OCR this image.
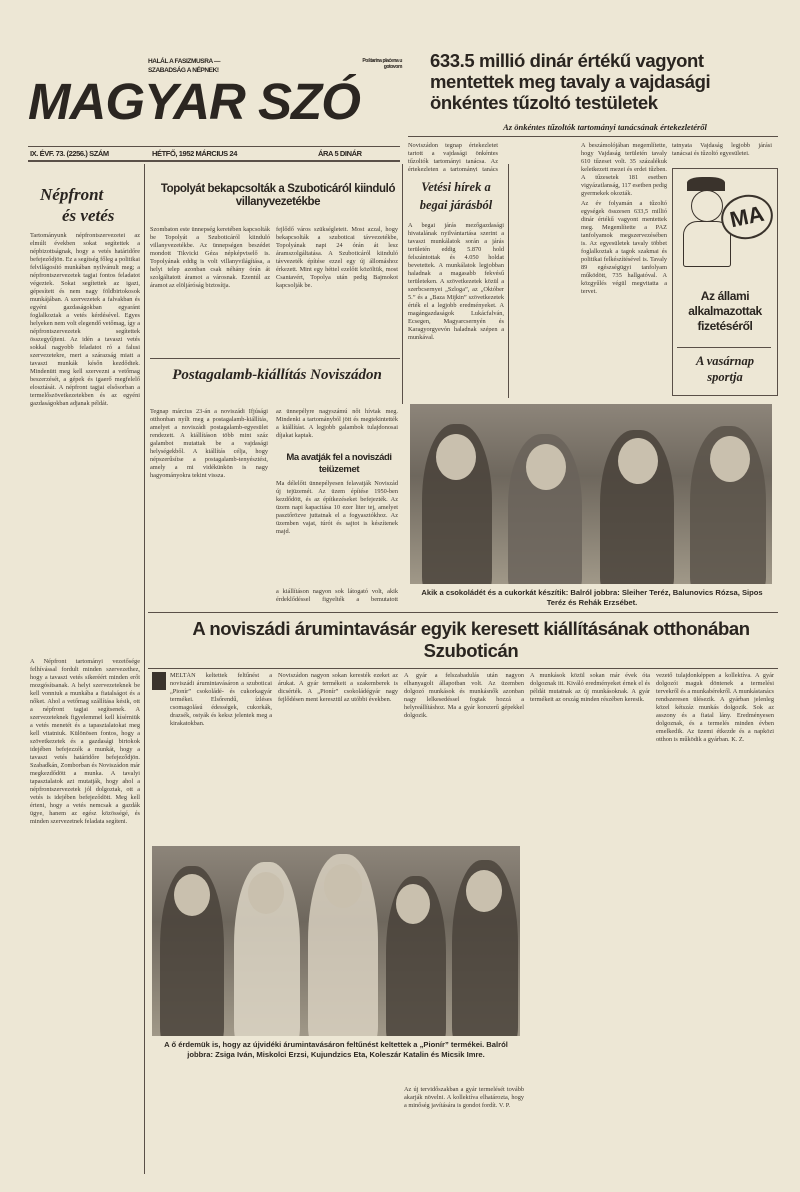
HALÁL A FASIZMUSRA —
SZABADSÁG A NÉPNEK!
Poštarina plaćena u gotovom
MAGYAR SZÓ
IX. ÉVF. 73. (2256.) SZÁM	HÉTFŐ, 1952 MÁRCIUS 24	ÁRA 5 DINÁR
633.5 millió dinár értékű vagyont mentettek meg tavaly a vajdasági önkéntes tűzoltó testületek
Az önkéntes tűzoltók tartományi tanácsának értekezletéről
Noviszádon tegnap értekezletet tartott a vajdasági önkéntes tűzoltók tartományi tanácsa. Az értekezleten a tartományi tanács
A beszámolójában megemlítette, hogy Vajdaság területén tavaly 610 tűzeset volt. 35 százalékuk keletkezett mezei és erdei tűzben. A tűzesetek 181 esetben vigyázatlanság, 117 esetben pedig gyermekek okozták.
Az év folyamán a tűzoltó egységek összesen 633,5 millió dinár értékű vagyont mentettek meg. Megemlítette a PAZ tanfolyamok megszervezésében is. Az egyesületek tavaly többet foglalkoztak a tagok szakmai és politikai felkészítésével is. Tavaly 89 egészségügyi tanfolyam működött, 735 hallgatóval. A közgyűlés végül megvitatta a tervet.
tatnyata Vajdaság legjobb járási tanácsai és tűzoltó egyesületei.
MA
Az állami alkalmazottak fizetéséről
A vasárnap sportja
Népfront
és vetés
Tartományunk népfrontszervezetei az elmúlt években sokat segítettek a népbizottságnak, hogy a vetés határidőre befejeződjön. Ez a segítség főleg a politikai felvilágosító munkában nyilvánult meg; a népfrontszervezetek tagjai fontos feladatot végeztek. Sokat segítettek az igazi, gépesített és nem nagy földbirtokosok munkájában. A szervezetek a falvakban és egyéni gazdaságokban egyaránt foglalkoztak a vetés kérdésével. Egyes helyeken nem volt elegendő vetőmag, így a népfrontszervezetek segítettek összegyűjteni. Az idén a tavaszi vetés sokkal nagyobb feladatot ró a falusi szervezetekre, mert a szárazság miatt a tavaszi munkák későn kezdődtek. Mindenütt meg kell szervezni a vetőmag beszerzését, a gépek és igaerő megfelelő elosztását. A népfront tagjai elsősorban a termelőszövetkezetekben és az egyéni gazdaságokban adjanak példát.
A Népfront tartományi vezetősége felhívással fordult minden szervezethez, hogy a tavaszi vetés sikeréért minden erőt mozgósítsanak. A helyi szervezeteknek be kell vonniuk a munkába a fiatalságot és a nőket. Ahol a vetőmag szállítása késik, ott a népfront tagjai segítsenek. A szervezeteknek figyelemmel kell kísérniük a vetés menetét és a tapasztalatokat meg kell vitatniuk. Különösen fontos, hogy a szövetkezetek és a gazdasági birtokok idejében befejezzék a munkát, hogy a tavaszi vetés határidőre befejeződjön. Szabadkán, Zomborban és Noviszádon már megkezdődött a munka. A tavalyi tapasztalatok azt mutatják, hogy ahol a népfrontszervezetek jól dolgoztak, ott a vetés is idejében befejeződött. Meg kell érteni, hogy a vetés nemcsak a gazdák ügye, hanem az egész közösségé, és minden szervezetnek feladata segíteni.
Topolyát bekapcsolták a Szuboticáról kiinduló villanyvezetékbe
Szombaton este ünnepség keretében kapcsolták be Topolyát a Szuboticáról kiinduló villanyvezetékbe. Az ünnepségen beszédet mondott Tikvicki Géza népképviselő is. Topolyának eddig is volt villanyvilágítása, a helyi telep azonban csak néhány órán át szolgáltatott áramot a városnak. Ezentúl az áramot az elöljáróság biztosítja.
fejlődő város szükségleteit. Most azzal, hogy bekapcsolták a szuboticai távvezetékbe, Topolyának napi 24 órán át lesz áramszolgáltatása. A Szuboticáról kiinduló távvezeték építése ezzel egy új állomáshoz érkezett. Mint egy héttel ezelőtt közöltük, most Csantavért, Topolya után pedig Bajmokot kapcsolják be.
Vetési hírek a begai járásból
A begai járás mezőgazdasági hivatalának nyilvántartása szerint a tavaszi munkálatok során a járás területén eddig 5.870 hold felszántottak és 4.050 holdat bevetettek. A munkálatok legjobban haladnak a magasabb fekvésű területeken. A szövetkezetek közül a szerbcsernyei „Szloga”, az „Október 5.” és a „Baza Mijkin” szövetkezetek érték el a legjobb eredményeket. A magángazdaságok Lukácfalván, Ecsegen, Magyarcsernyén és Karagyorgyevón haladnak szépen a munkával.
Postagalamb-kiállítás Noviszádon
Tegnap március 23-án a noviszádi Ifjúsági otthonban nyílt meg a postagalamb-kiállítás, amelyet a noviszádi postagalamb-egyesület rendezett. A kiállításon több mint száz galambot mutattak be a vajdasági helységekből. A kiállítás célja, hogy népszerűsítse a postagalamb-tenyésztést, amely a mi vidékünkön is nagy hagyományokra tekint vissza.
az ünnepélyre nagyszámú nőt hívtak meg. Mindenki a tartományból jött és megtekintették a kiállítást. A legjobb galambok tulajdonosai díjakat kaptak.
Ma avatják fel a noviszádi teiüzemet
Ma délelőtt ünnepélyesen felavatják Noviszád új tejüzemét. Az üzem építése 1950-ben kezdődött, és az építkezéseket befejezték. Az üzem napi kapacitása 10 ezer liter tej, amelyet pasztőrözve juttatnak el a fogyasztókhoz. Az üzemben vajat, túrót és sajtot is készítenek majd.
a kiállításon nagyon sok látogató volt, akik érdeklődéssel figyelték a bemutatott
Akik a csokoládét és a cukorkát készítik: Balról jobbra: Sleiher Teréz, Balunovics Rózsa, Sipos Teréz és Rehák Erzsébet.
A noviszádi árumintavásár egyik keresett kiállításának otthonában Szuboticán
MELTÁN keltettek feltűnést a noviszádi árumintavásáron a szuboticai „Pionír” csokoládé- és cukorkagyár termékei. Elsőrendű, ízléses csomagolású édességek, cukorkák, drazsék, ostyák és keksz jelentek meg a kirakatokban.
Noviszádon nagyon sokan keresték ezeket az árukat. A gyár termékeit a szakemberek is dicsérték. A „Pionír” csokoládégyár nagy fejlődésen ment keresztül az utóbbi években.
A gyár a felszabadulás után nagyon elhanyagolt állapotban volt. Az üzemben dolgozó munkások és munkásnők azonban nagy lelkesedéssel fogtak hozzá a helyreállításhoz. Ma a gyár korszerű gépekkel dolgozik.
A munkások közül sokan már évek óta dolgoznak itt. Kiváló eredményeket érnek el és példát mutatnak az új munkásoknak. A gyár termékeit az ország minden részében keresik.
Az új tervidőszakban a gyár termelését tovább akarják növelni. A kollektíva elhatározta, hogy a minőség javítására is gondot fordít. V. P.
vezető tulajdonképpen a kollektíva. A gyár dolgozói maguk döntenek a termelési tervekről és a munkabérekről. A munkástanács rendszeresen ülésezik. A gyárban jelenleg közel kétszáz munkás dolgozik. Sok az asszony és a fiatal lány. Eredményesen dolgoznak, és a termelés minden évben emelkedik. Az üzemi étkezde és a napközi otthon is működik a gyárban. K. Z.
A ő érdemük is, hogy az újvidéki árumintavásáron feltűnést keltettek a „Pionír” termékei. Balról jobbra: Zsiga Iván, Miskolci Erzsi, Kujundzics Eta, Koleszár Katalin és Micsik Imre.
